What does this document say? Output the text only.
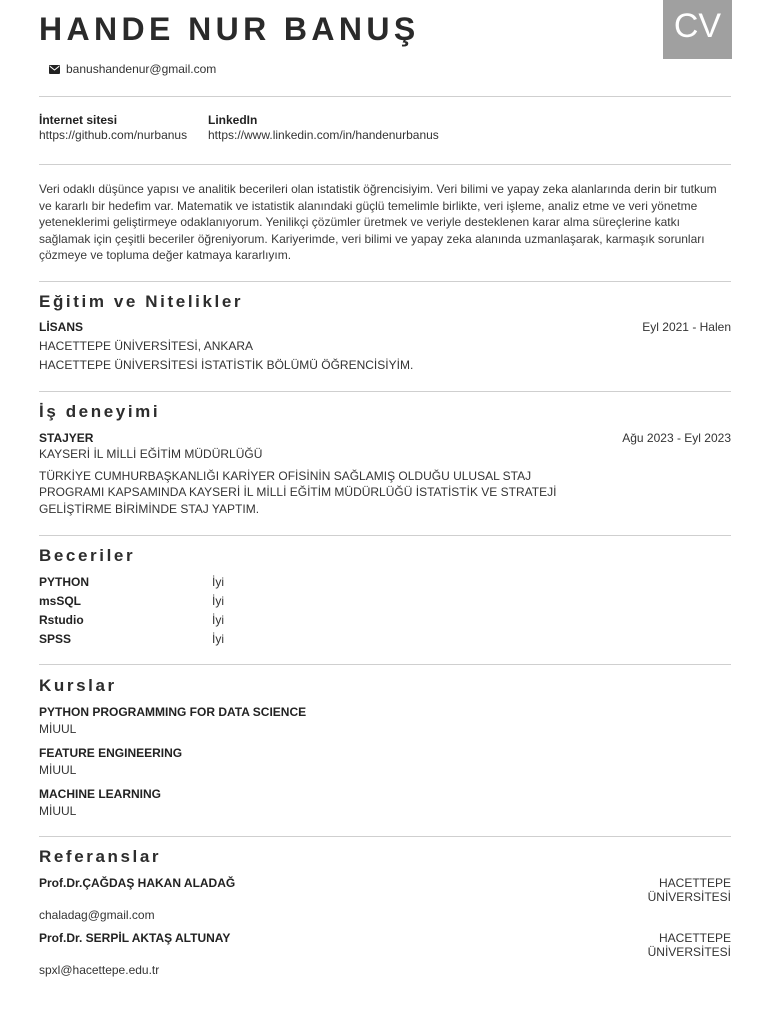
CV
HANDE NUR BANUŞ
banushandenur@gmail.com
İnternet sitesi
https://github.com/nurbanus
LinkedIn
https://www.linkedin.com/in/handenurbanus
Veri odaklı düşünce yapısı ve analitik becerileri olan istatistik öğrencisiyim. Veri bilimi ve yapay zeka alanlarında derin bir tutkum ve kararlı bir hedefim var. Matematik ve istatistik alanındaki güçlü temelimle birlikte, veri işleme, analiz etme ve veri yönetme yeteneklerimi geliştirmeye odaklanıyorum. Yenilikçi çözümler üretmek ve veriyle desteklenen karar alma süreçlerine katkı sağlamak için çeşitli beceriler öğreniyorum. Kariyerimde, veri bilimi ve yapay zeka alanında uzmanlaşarak, karmaşık sorunları çözmeye ve topluma değer katmaya kararlıyım.
Eğitim ve Nitelikler
LİSANS	Eyl 2021 - Halen
HACETTEPE ÜNİVERSİTESİ, ANKARA
HACETTEPE ÜNİVERSİTESİ İSTATİSTİK BÖLÜMÜ ÖĞRENCİSİYİM.
İş deneyimi
STAJYER	Ağu 2023 - Eyl 2023
KAYSERİ İL MİLLİ EĞİTİM MÜDÜRLÜĞÜ
TÜRKİYE CUMHURBAŞKANLIĞI KARİYER OFİSİNİN SAĞLAMIŞ OLDUĞU ULUSAL STAJ PROGRAMI KAPSAMINDA KAYSERİ İL MİLLİ EĞİTİM MÜDÜRLÜĞÜ İSTATİSTİK VE STRATEJİ GELİŞTİRME BİRİMİNDE STAJ YAPTIM.
Beceriler
PYTHON	İyi
msSQL	İyi
Rstudio	İyi
SPSS	İyi
Kurslar
PYTHON PROGRAMMING FOR DATA SCIENCE
MİUUL
FEATURE ENGINEERING
MİUUL
MACHINE LEARNING
MİUUL
Referanslar
Prof.Dr.ÇAĞDAŞ HAKAN ALADAĞ	HACETTEPE
ÜNİVERSİTESİ
chaladag@gmail.com
Prof.Dr. SERPİL AKTAŞ ALTUNAY	HACETTEPE
ÜNİVERSİTESİ
spxl@hacettepe.edu.tr
